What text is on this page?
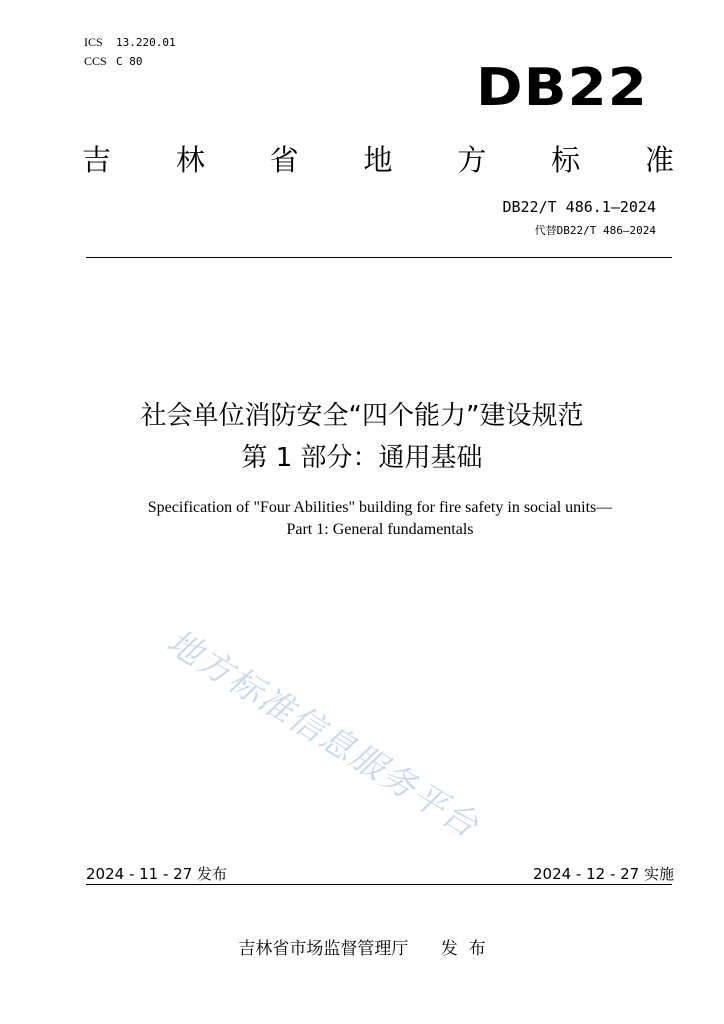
ICS 13.220.01
CCS C 80	DB22
吉 林 省 地 方 标 准
DB22/T 486.1—2024
代替DB22/T 486—2024
社会单位消防安全“四个能力”建设规范
第 1 部分：通用基础
Specification of "Four Abilities" building for fire safety in social units—
Part 1: General fundamentals
地方标准信息服务平台
2024 - 11 - 27 发布	2024 - 12 - 27 实施
吉林省市场监督管理厅      发  布
